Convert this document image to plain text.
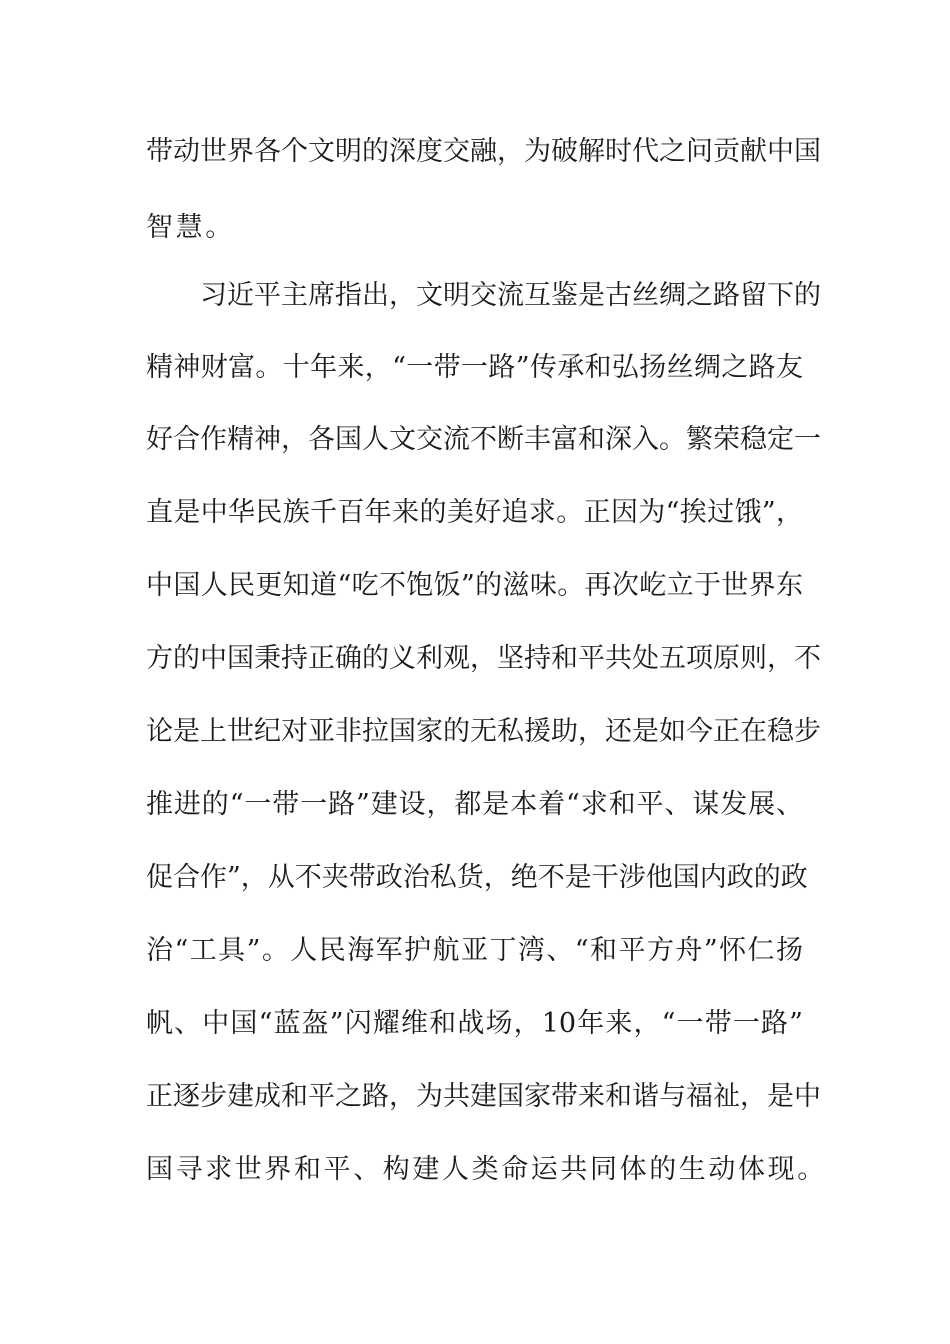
带动世界各个文明的深度交融，为破解时代之问贡献中国
智慧。
习近平主席指出，文明交流互鉴是古丝绸之路留下的
精神财富。十年来，“一带一路”传承和弘扬丝绸之路友
好合作精神，各国人文交流不断丰富和深入。繁荣稳定一
直是中华民族千百年来的美好追求。正因为“挨过饿”，
中国人民更知道“吃不饱饭”的滋味。再次屹立于世界东
方的中国秉持正确的义利观，坚持和平共处五项原则，不
论是上世纪对亚非拉国家的无私援助，还是如今正在稳步
推进的“一带一路”建设，都是本着“求和平、谋发展、
促合作”，从不夹带政治私货，绝不是干涉他国内政的政
治“工具”。人民海军护航亚丁湾、“和平方舟”怀仁扬
帆、中国“蓝盔”闪耀维和战场，10年来，“一带一路”
正逐步建成和平之路，为共建国家带来和谐与福祉，是中
国寻求世界和平、构建人类命运共同体的生动体现。
